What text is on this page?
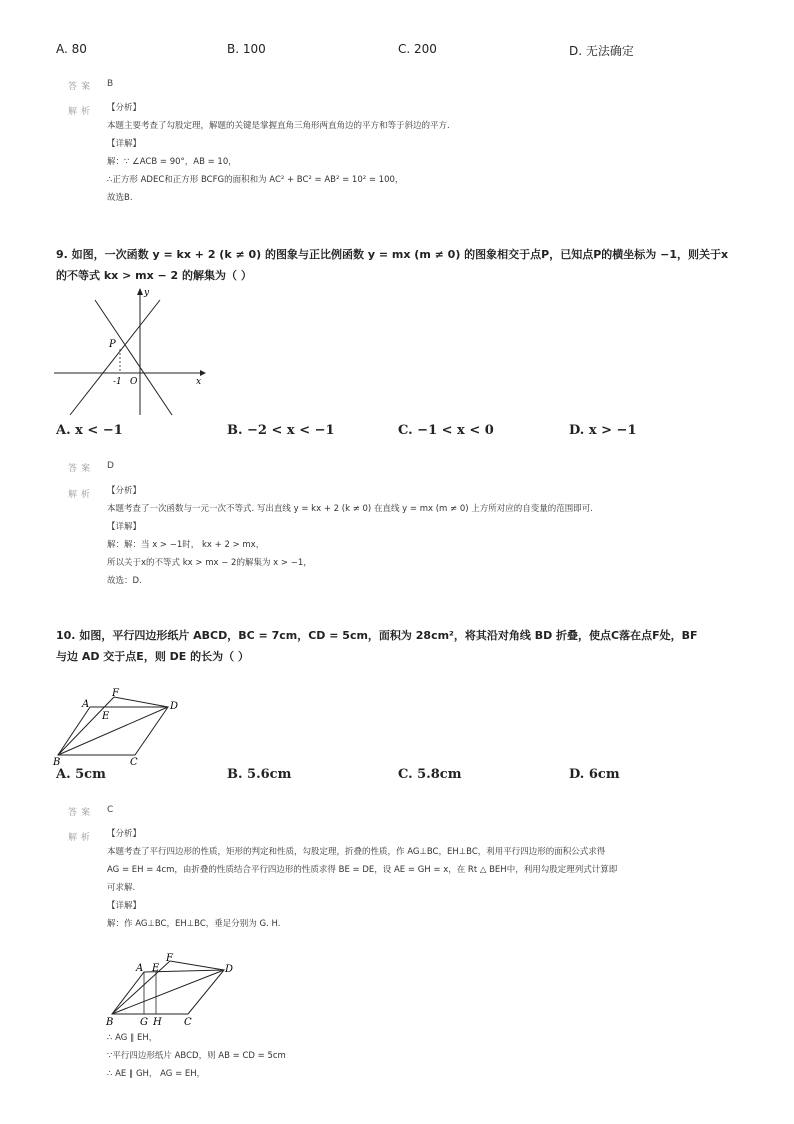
A. 80	B. 100	C. 200	D. 无法确定
答案 B
解析 【分析】
本题主要考查了勾股定理，解题的关键是掌握直角三角形两直角边的平方和等于斜边的平方.
【详解】
解：∵ ∠ACB = 90°，AB = 10，
∴正方形 ADEC和正方形 BCFG的面积和为 AC² + BC² = AB² = 10² = 100，
故选B.
9. 如图，一次函数 y = kx + 2 (k ≠ 0) 的图象与正比例函数 y = mx (m ≠ 0) 的图象相交于点P，已知点P的横坐标为 −1，则关于x
的不等式 kx > mx − 2 的解集为（ ）
y
x
P
-1 O
A. x < −1	B. −2 < x < −1	C. −1 < x < 0	D. x > −1
答案 D
解析 【分析】
本题考查了一次函数与一元一次不等式. 写出直线 y = kx + 2 (k ≠ 0) 在直线 y = mx (m ≠ 0) 上方所对应的自变量的范围即可.
【详解】
解：解：当 x > −1时， kx + 2 > mx，
所以关于x的不等式 kx > mx − 2的解集为 x > −1，
故选：D.
10. 如图，平行四边形纸片 ABCD，BC = 7cm，CD = 5cm，面积为 28cm²，将其沿对角线 BD 折叠，使点C落在点F处，BF
与边 AD 交于点E，则 DE 的长为（ ）
A
F
E
D
B	C
A. 5cm	B. 5.6cm	C. 5.8cm	D. 6cm
答案 C
解析 【分析】
本题考查了平行四边形的性质，矩形的判定和性质，勾股定理，折叠的性质，作 AG⊥BC，EH⊥BC，利用平行四边形的面积公式求得
AG = EH = 4cm，由折叠的性质结合平行四边形的性质求得 BE = DE，设 AE = GH = x，在 Rt △ BEH中，利用勾股定理列式计算即
可求解.
【详解】
解：作 AG⊥BC，EH⊥BC，垂足分别为 G. H.
A E
F
D
B	G H C
∴ AG ∥ EH，
∵平行四边形纸片 ABCD，则 AB = CD = 5cm
∴ AE ∥ GH， AG = EH，
